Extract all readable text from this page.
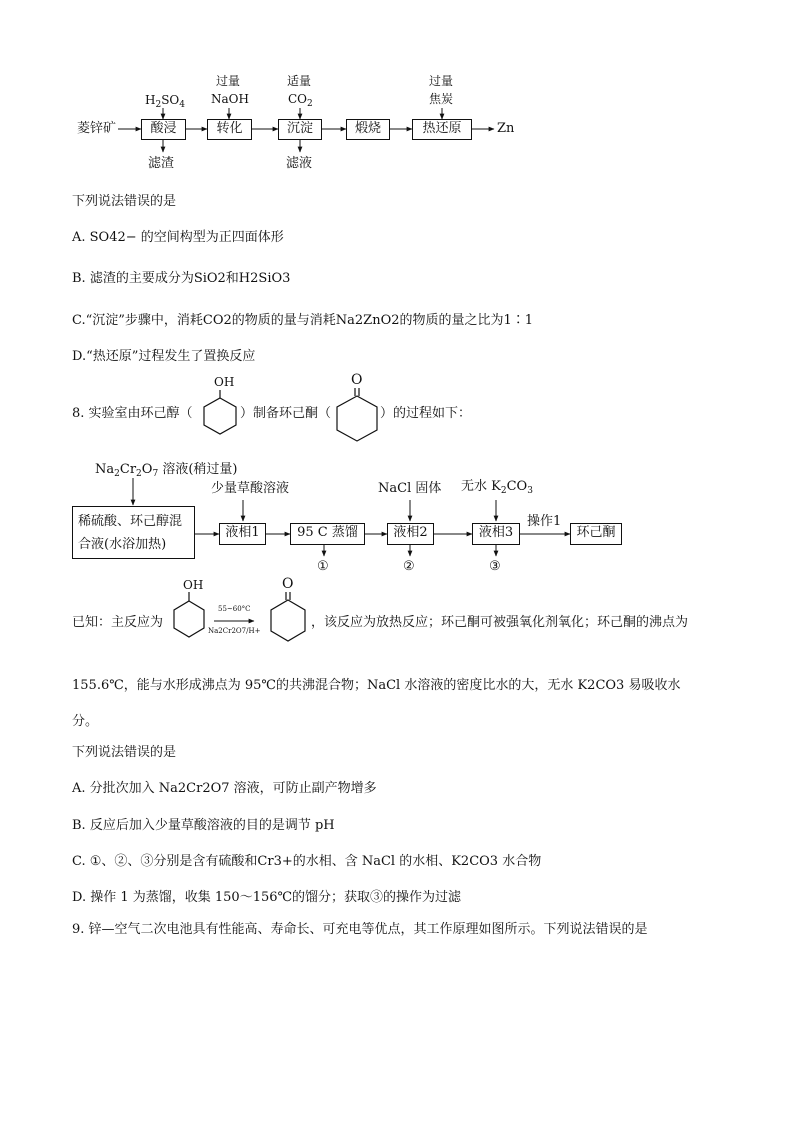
菱锌矿
$H_2SO_4$
过量
NaOH
适量
$CO_2$
过量
焦炭
酸浸	转化	沉淀	煅烧	热还原	Zn
滤渣	滤液
下列说法错误的是
A. SO42− 的空间构型为正四面体形
B. 滤渣的主要成分为SiO2和H2SiO3
C.“沉淀”步骤中，消耗CO2的物质的量与消耗Na2ZnO2的物质的量之比为1∶1
D.“热还原”过程发生了置换反应
8. 实验室由环己醇（
OH
）制备环己酮（
O
）的过程如下：
$Na_2Cr_2O_7$ 溶液(稍过量)
少量草酸溶液	NaCl 固体 无水 $K_2CO_3$
稀硫酸、环己醇混
合液(水浴加热)
液相1	95 C 蒸馏	液相2	液相3
操作1
环己酮
①	②	③
已知：主反应为
OH
55~60°C
Na2Cr2O7/H+
O
，该反应为放热反应；环己酮可被强氧化剂氧化；环己酮的沸点为
155.6℃，能与水形成沸点为 95℃的共沸混合物；NaCl 水溶液的密度比水的大，无水 K2CO3 易吸收水
分。
下列说法错误的是
A. 分批次加入 Na2Cr2O7 溶液，可防止副产物增多
B. 反应后加入少量草酸溶液的目的是调节 pH
C. ①、②、③分别是含有硫酸和Cr3+的水相、含 NaCl 的水相、K2CO3 水合物
D. 操作 1 为蒸馏，收集 150～156℃的馏分；获取③的操作为过滤
9. 锌—空气二次电池具有性能高、寿命长、可充电等优点，其工作原理如图所示。下列说法错误的是
